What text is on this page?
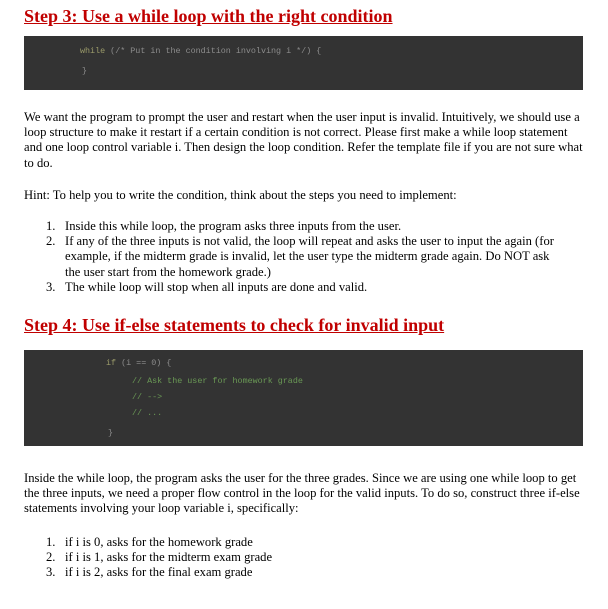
Step 3: Use a while loop with the right condition
while (/* Put in the condition involving i */) {
}

We want the program to prompt the user and restart when the user input is invalid. Intuitively, we should use a loop structure to make it restart if a certain condition is not correct. Please first make a while loop statement and one loop control variable i. Then design the loop condition. Refer the template file if you are not sure what to do.

Hint: To help you to write the condition, think about the steps you need to implement:

1. Inside this while loop, the program asks three inputs from the user.
2. If any of the three inputs is not valid, the loop will repeat and asks the user to input the again (for example, if the midterm grade is invalid, let the user type the midterm grade again. Do NOT ask the user start from the homework grade.)
3. The while loop will stop when all inputs are done and valid.
Step 4: Use if-else statements to check for invalid input
if (i == 0) {
// Ask the user for homework grade
// -->
// ...
}

Inside the while loop, the program asks the user for the three grades. Since we are using one while loop to get the three inputs, we need a proper flow control in the loop for the valid inputs. To do so, construct three if-else statements involving your loop variable i, specifically:

1. if i is 0, asks for the homework grade
2. if i is 1, asks for the midterm exam grade
3. if i is 2, asks for the final exam grade
